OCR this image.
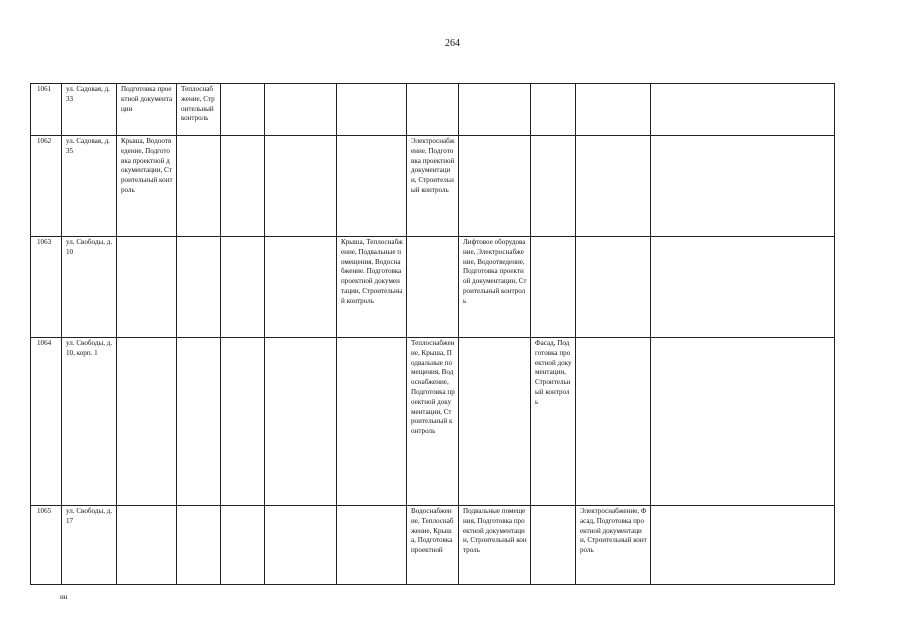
264
1061	ул. Садовая, д. 33	Подготовка проектной документации	Теплоснабжение, Строительный контроль									
1062	ул. Садовая, д. 35	Крыша, Водоотведение, Подготовка проектной документации, Строительный контроль					Электроснабжение, Подготовка проектной документации, Строительный контроль					
1063	ул. Свободы, д. 10					Крыша, Теплоснабжение, Подвальные помещения, Водоснабжение. Подготовка проектной документации, Строительный контроль		Лифтовое оборудование, Электроснабжение, Водоотведение, Подготовка проектной документации, Строительный контроль				
1064	ул. Свободы, д. 10, корп. 1						Теплоснабжение, Крыша, Подвальные помещения, Водоснабжение, Подготовка проектной документации, Строительный контроль		Фасад, Подготовка проектной документации, Строительный контроль			
1065	ул. Свободы, д. 17						Водоснабжение, Теплоснабжение, Крыша, Подготовка проектной	Подвальные помещения, Подготовка проектной документации, Строительный контроль		Электроснабжение, Фасад, Подготовка проектной документации, Строительный контроль		
нн
